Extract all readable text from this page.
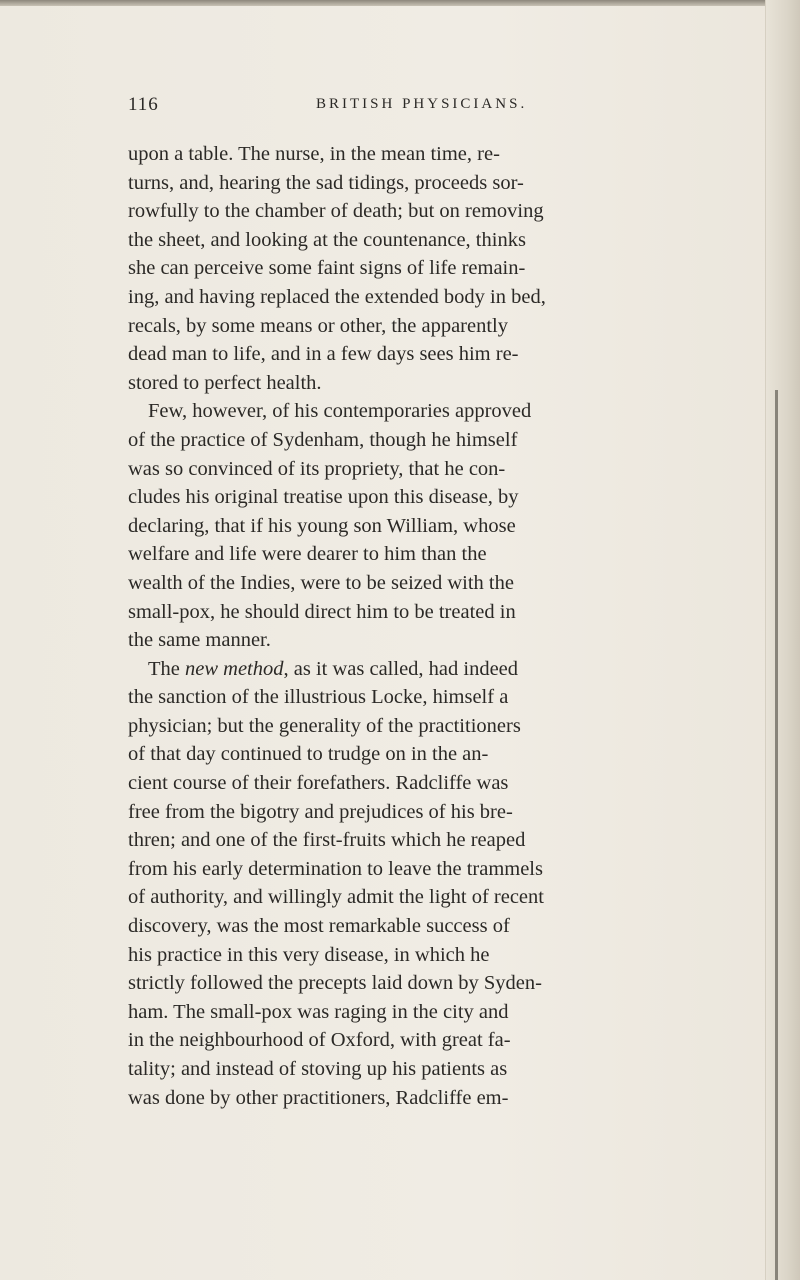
116	BRITISH PHYSICIANS.
upon a table. The nurse, in the mean time, re-
turns, and, hearing the sad tidings, proceeds sor-
rowfully to the chamber of death; but on removing
the sheet, and looking at the countenance, thinks
she can perceive some faint signs of life remain-
ing, and having replaced the extended body in bed,
recals, by some means or other, the apparently
dead man to life, and in a few days sees him re-
stored to perfect health.
Few, however, of his contemporaries approved
of the practice of Sydenham, though he himself
was so convinced of its propriety, that he con-
cludes his original treatise upon this disease, by
declaring, that if his young son William, whose
welfare and life were dearer to him than the
wealth of the Indies, were to be seized with the
small-pox, he should direct him to be treated in
the same manner.
The new method, as it was called, had indeed
the sanction of the illustrious Locke, himself a
physician; but the generality of the practitioners
of that day continued to trudge on in the an-
cient course of their forefathers. Radcliffe was
free from the bigotry and prejudices of his bre-
thren; and one of the first-fruits which he reaped
from his early determination to leave the trammels
of authority, and willingly admit the light of recent
discovery, was the most remarkable success of
his practice in this very disease, in which he
strictly followed the precepts laid down by Syden-
ham. The small-pox was raging in the city and
in the neighbourhood of Oxford, with great fa-
tality; and instead of stoving up his patients as
was done by other practitioners, Radcliffe em-
